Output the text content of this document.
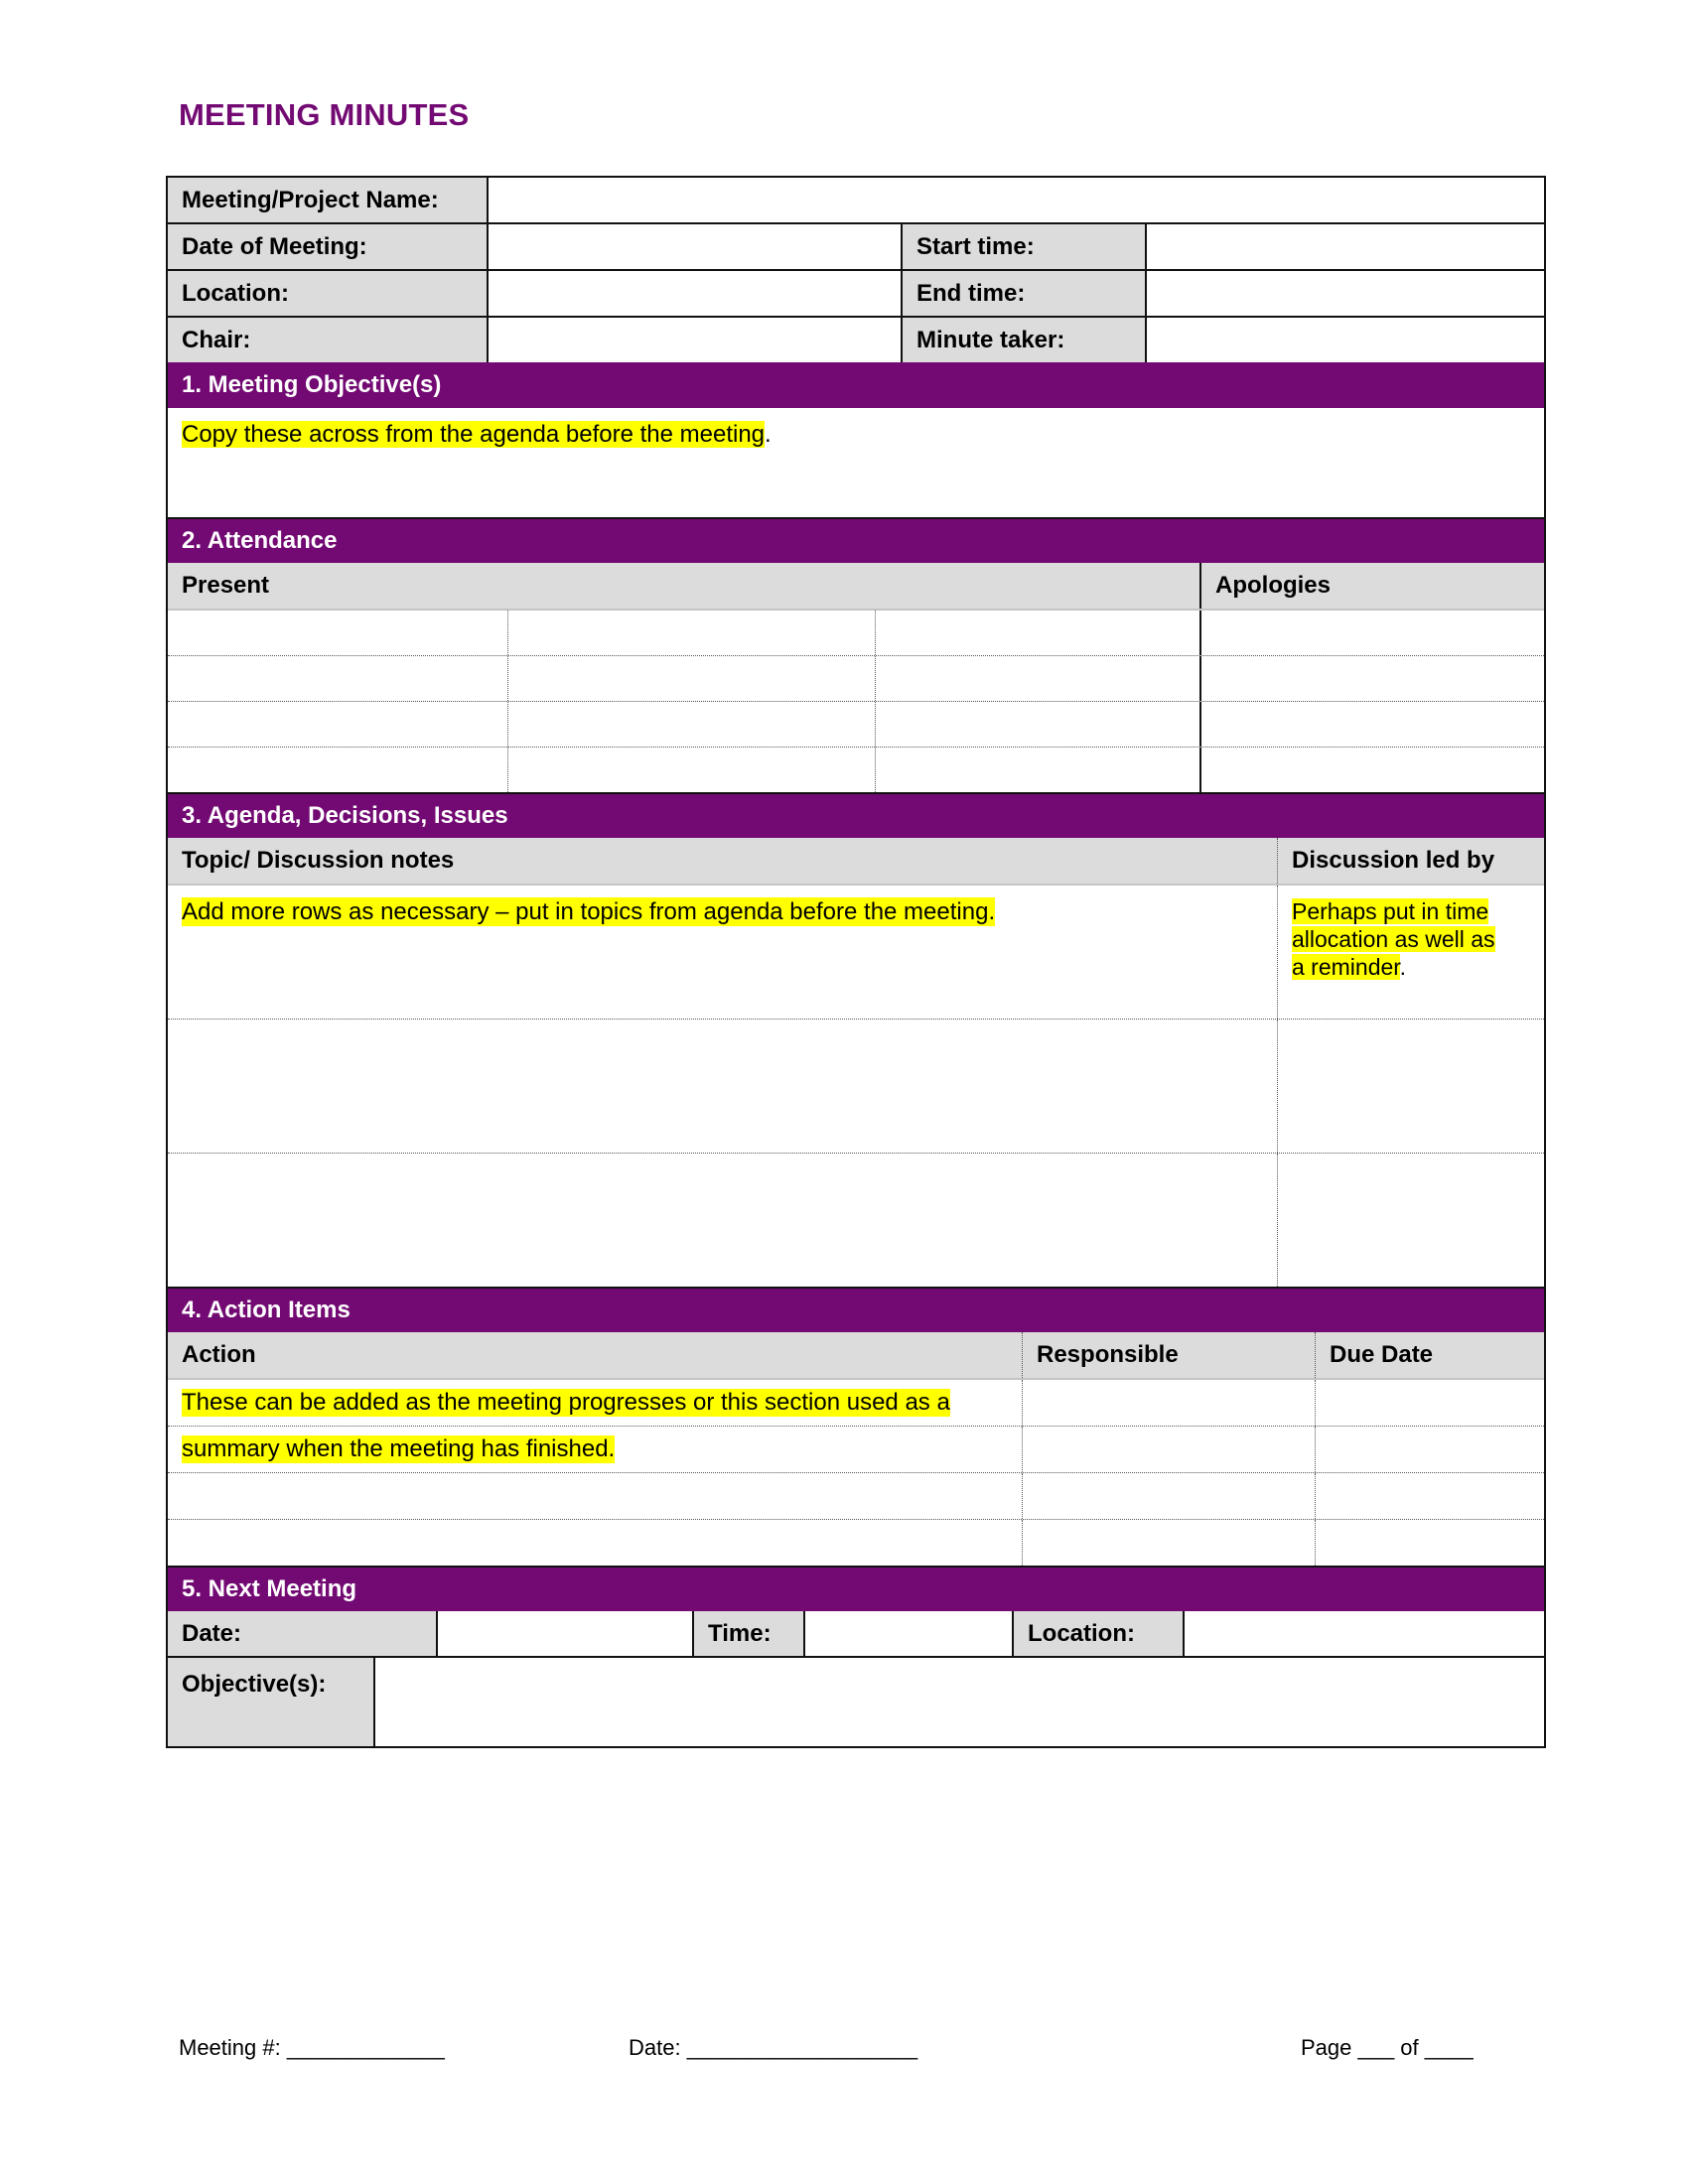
MEETING MINUTES
Meeting/Project Name:
Date of Meeting:	Start time:
Location:	End time:
Chair:	Minute taker:
1. Meeting Objective(s)
Copy these across from the agenda before the meeting.
2. Attendance
Present	Apologies
3. Agenda, Decisions, Issues
Topic/ Discussion notes	Discussion led by
Add more rows as necessary – put in topics from agenda before the meeting.	Perhaps put in time
allocation as well as
a reminder.
4. Action Items
Action	Responsible	Due Date
These can be added as the meeting progresses or this section used as a
summary when the meeting has finished.
5. Next Meeting
Date:	Time:	Location:
Objective(s):
Meeting #: _____________	Date: ___________________	Page ___ of ____
